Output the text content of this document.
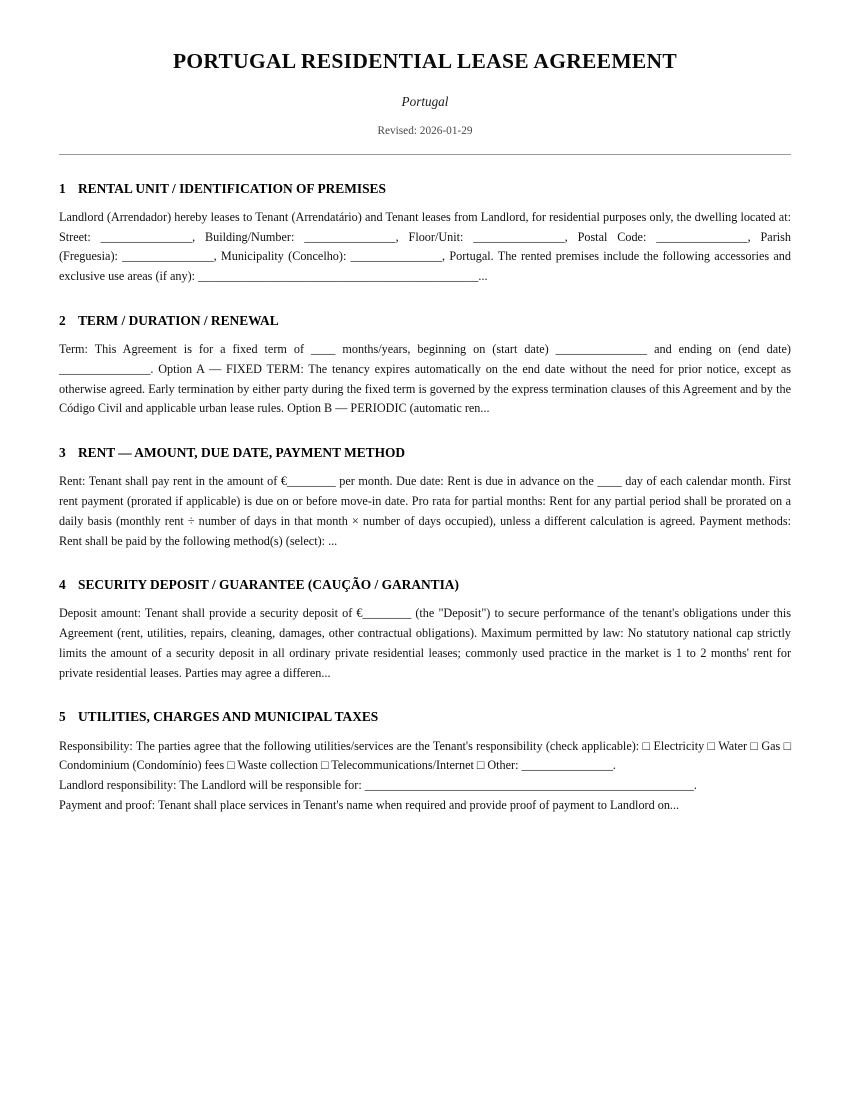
PORTUGAL RESIDENTIAL LEASE AGREEMENT
Portugal
Revised: 2026-01-29
1 RENTAL UNIT / IDENTIFICATION OF PREMISES

Landlord (Arrendador) hereby leases to Tenant (Arrendatário) and Tenant leases from Landlord, for residential purposes only, the dwelling located at: Street: _______________, Building/Number: _______________, Floor/Unit: _______________, Postal Code: _______________, Parish (Freguesia): _______________, Municipality (Concelho): _______________, Portugal. The rented premises include the following accessories and exclusive use areas (if any): ______________________________________________...

2 TERM / DURATION / RENEWAL

Term: This Agreement is for a fixed term of ____ months/years, beginning on (start date) _______________ and ending on (end date) _______________. Option A — FIXED TERM: The tenancy expires automatically on the end date without the need for prior notice, except as otherwise agreed. Early termination by either party during the fixed term is governed by the express termination clauses of this Agreement and by the Código Civil and applicable urban lease rules. Option B — PERIODIC (automatic ren...

3 RENT — AMOUNT, DUE DATE, PAYMENT METHOD

Rent: Tenant shall pay rent in the amount of €________ per month. Due date: Rent is due in advance on the ____ day of each calendar month. First rent payment (prorated if applicable) is due on or before move-in date. Pro rata for partial months: Rent for any partial period shall be prorated on a daily basis (monthly rent ÷ number of days in that month × number of days occupied), unless a different calculation is agreed. Payment methods: Rent shall be paid by the following method(s) (select): ...

4 SECURITY DEPOSIT / GUARANTEE (CAUÇÃO / GARANTIA)

Deposit amount: Tenant shall provide a security deposit of €________ (the "Deposit") to secure performance of the tenant's obligations under this Agreement (rent, utilities, repairs, cleaning, damages, other contractual obligations). Maximum permitted by law: No statutory national cap strictly limits the amount of a security deposit in all ordinary private residential leases; commonly used practice in the market is 1 to 2 months' rent for private residential leases. Parties may agree a differen...

5 UTILITIES, CHARGES AND MUNICIPAL TAXES

Responsibility: The parties agree that the following utilities/services are the Tenant's responsibility (check applicable): □ Electricity □ Water □ Gas □ Condominium (Condomínio) fees □ Waste collection □ Telecommunications/Internet □ Other: _______________.

Landlord responsibility: The Landlord will be responsible for: ______________________________________________________.

Payment and proof: Tenant shall place services in Tenant's name when required and provide proof of payment to Landlord on...
